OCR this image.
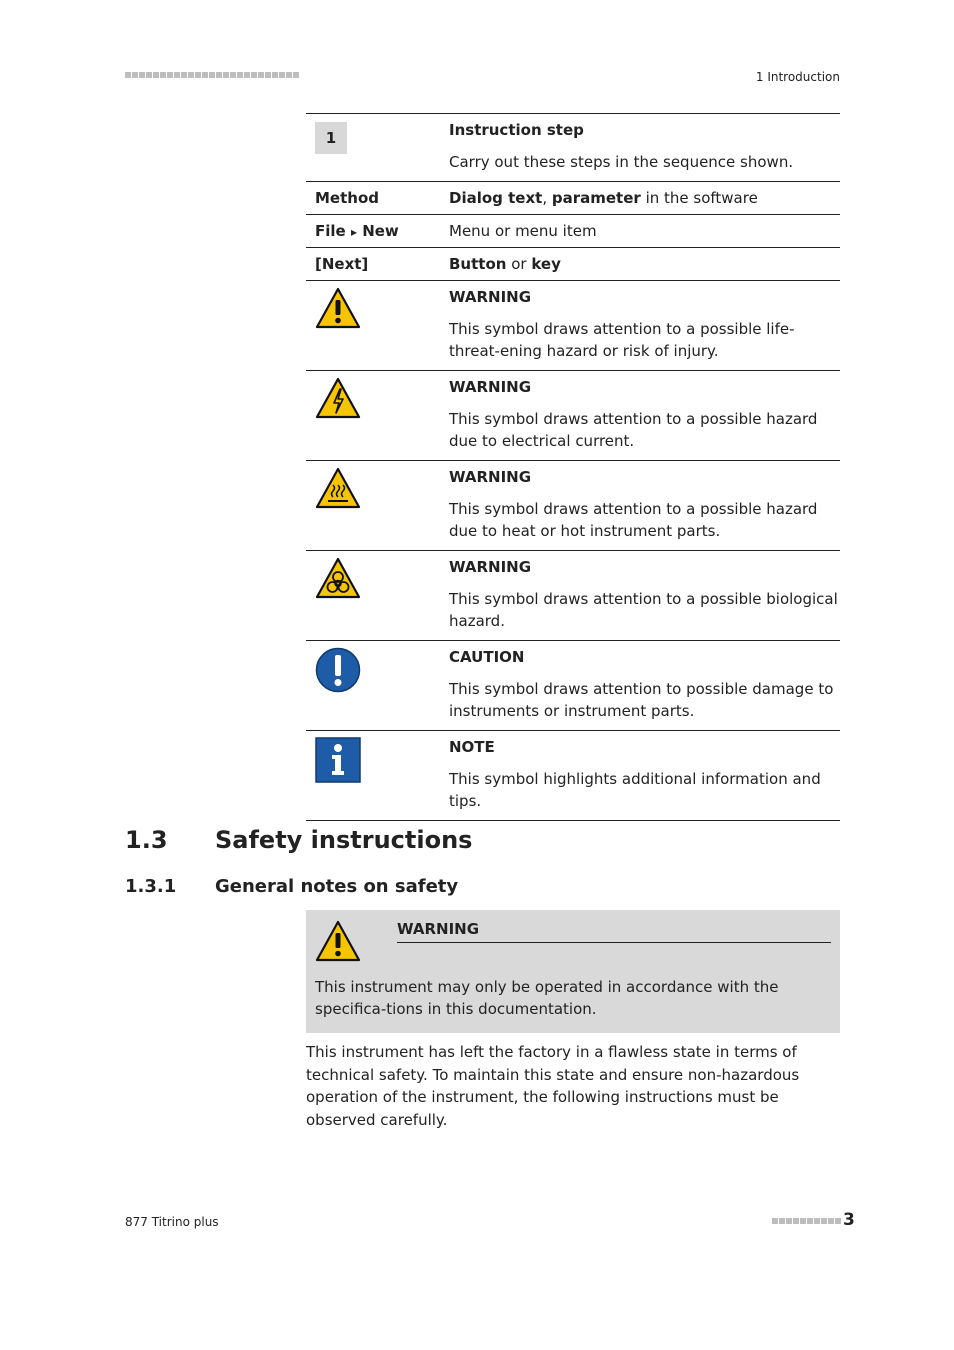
1 Introduction
1	Instruction step
Carry out these steps in the sequence shown.

Method	Dialog text, parameter in the software

File ▸ New	Menu or menu item

[Next]	Button or key

WARNING
This symbol draws attention to a possible life-threat-ening hazard or risk of injury.

WARNING
This symbol draws attention to a possible hazard due to electrical current.

WARNING
This symbol draws attention to a possible hazard due to heat or hot instrument parts.

WARNING
This symbol draws attention to a possible biological hazard.

CAUTION
This symbol draws attention to possible damage to instruments or instrument parts.

NOTE
This symbol highlights additional information and tips.
1.3 Safety instructions
1.3.1 General notes on safety
WARNING
This instrument may only be operated in accordance with the specifica-tions in this documentation.

This instrument has left the factory in a flawless state in terms of technical safety. To maintain this state and ensure non-hazardous operation of the instrument, the following instructions must be observed carefully.

877 Titrino plus	3
